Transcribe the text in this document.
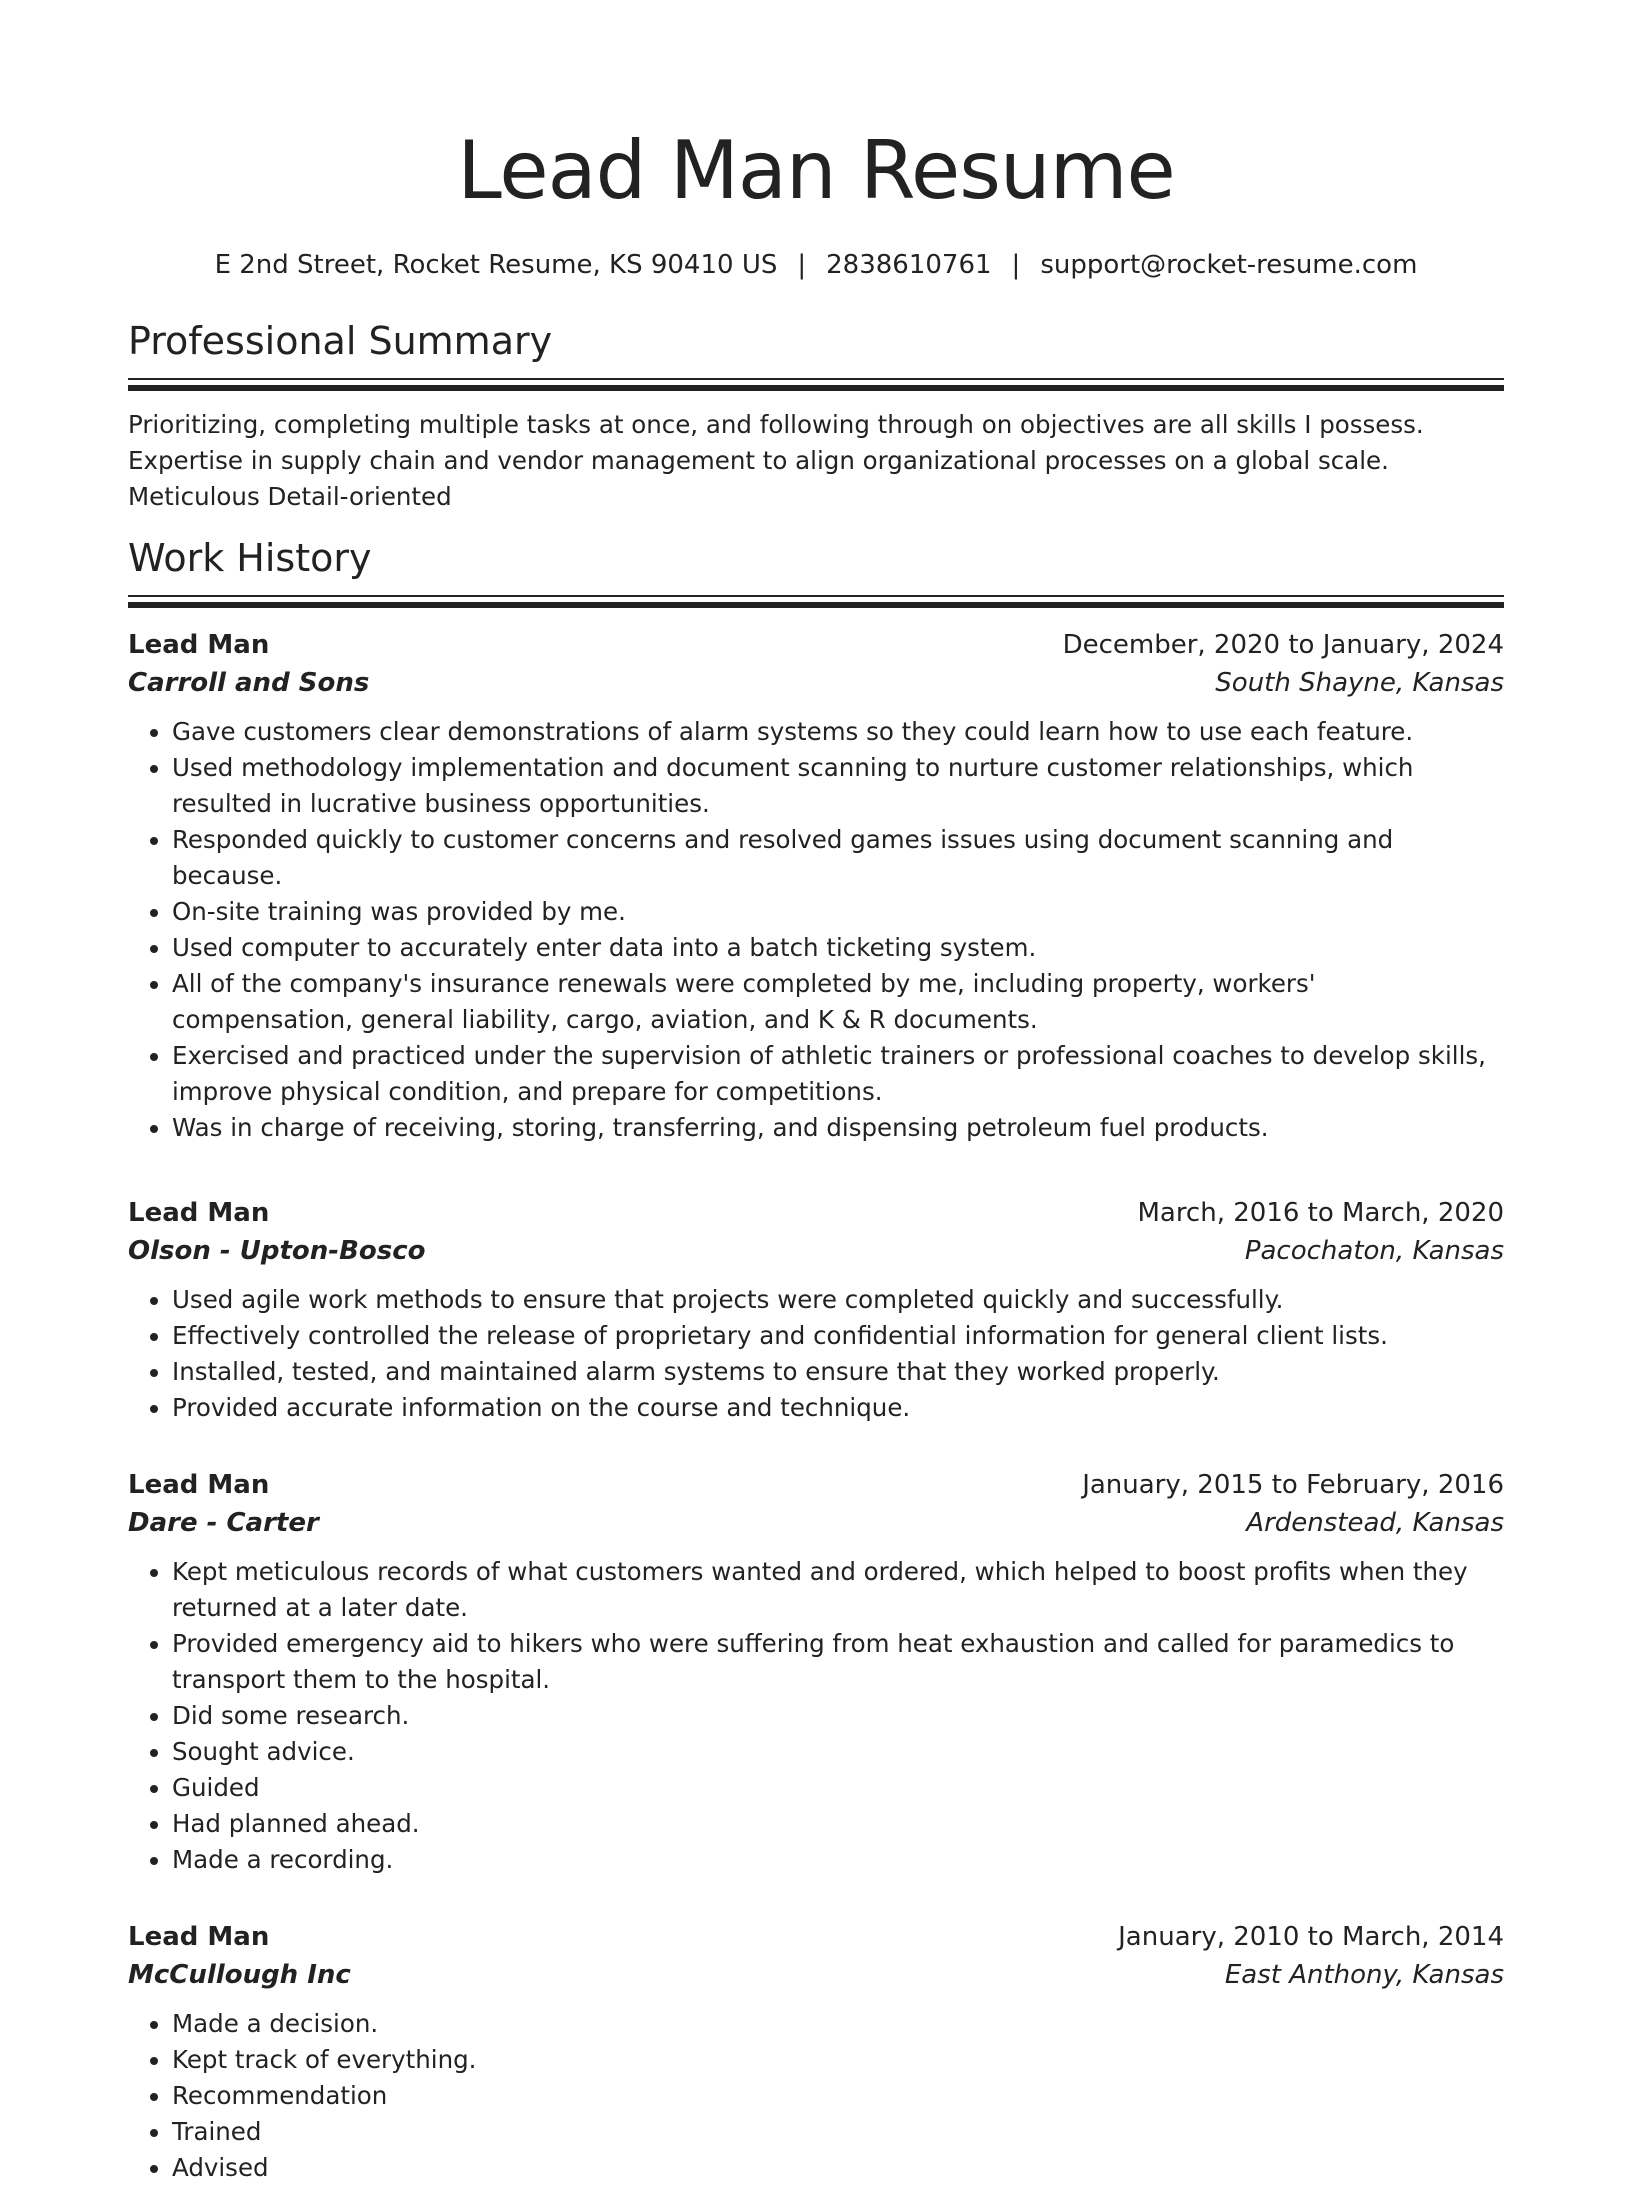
Lead Man Resume
E 2nd Street, Rocket Resume, KS 90410 US | 2838610761 | support@rocket-resume.com
Professional Summary

Prioritizing, completing multiple tasks at once, and following through on objectives are all skills I possess. Expertise in supply chain and vendor management to align organizational processes on a global scale. Meticulous Detail-oriented

Work History
Lead Man	December, 2020 to January, 2024
Carroll and Sons	South Shayne, Kansas
• Gave customers clear demonstrations of alarm systems so they could learn how to use each feature.
• Used methodology implementation and document scanning to nurture customer relationships, which resulted in lucrative business opportunities.
• Responded quickly to customer concerns and resolved games issues using document scanning and because.
• On-site training was provided by me.
• Used computer to accurately enter data into a batch ticketing system.
• All of the company's insurance renewals were completed by me, including property, workers' compensation, general liability, cargo, aviation, and K & R documents.
• Exercised and practiced under the supervision of athletic trainers or professional coaches to develop skills, improve physical condition, and prepare for competitions.
• Was in charge of receiving, storing, transferring, and dispensing petroleum fuel products.
Lead Man	March, 2016 to March, 2020
Olson - Upton-Bosco	Pacochaton, Kansas
• Used agile work methods to ensure that projects were completed quickly and successfully.
• Effectively controlled the release of proprietary and confidential information for general client lists.
• Installed, tested, and maintained alarm systems to ensure that they worked properly.
• Provided accurate information on the course and technique.
Lead Man	January, 2015 to February, 2016
Dare - Carter	Ardenstead, Kansas
• Kept meticulous records of what customers wanted and ordered, which helped to boost profits when they returned at a later date.
• Provided emergency aid to hikers who were suffering from heat exhaustion and called for paramedics to transport them to the hospital.
• Did some research.
• Sought advice.
• Guided
• Had planned ahead.
• Made a recording.
Lead Man	January, 2010 to March, 2014
McCullough Inc	East Anthony, Kansas
• Made a decision.
• Kept track of everything.
• Recommendation
• Trained
• Advised
